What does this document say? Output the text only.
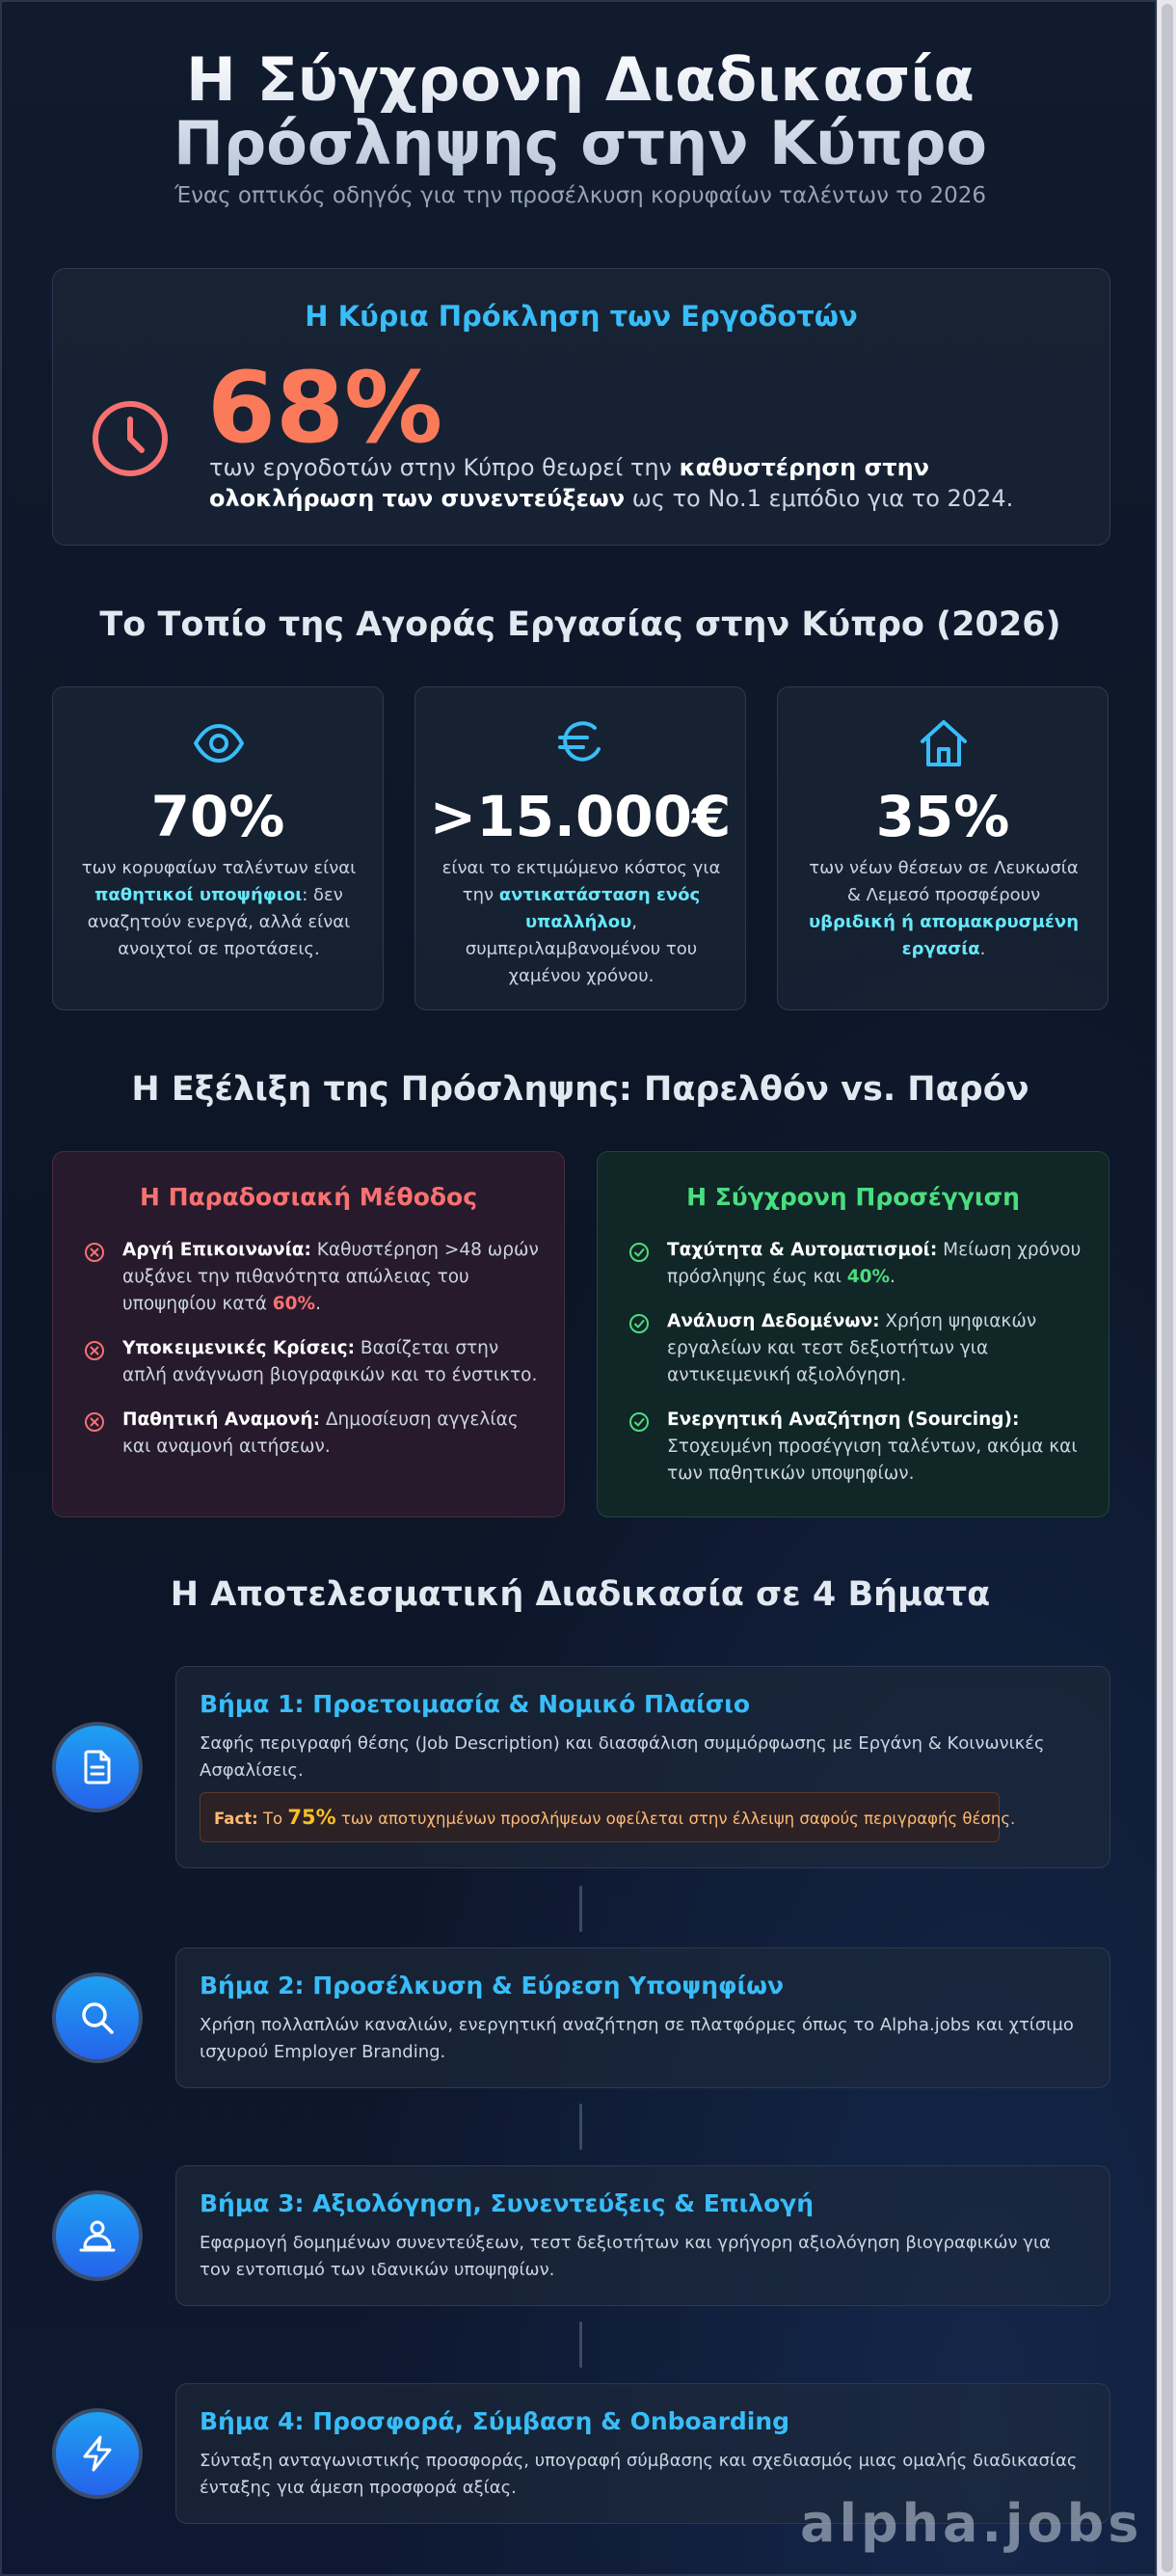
Η Σύγχρονη Διαδικασία
Πρόσληψης στην Κύπρο
Ένας οπτικός οδηγός για την προσέλκυση κορυφαίων ταλέντων το 2026
Η Κύρια Πρόκληση των Εργοδοτών
68%
των εργοδοτών στην Κύπρο θεωρεί την καθυστέρηση στην ολοκλήρωση των συνεντεύξεων ως το Νο.1 εμπόδιο για το 2024.
Το Τοπίο της Αγοράς Εργασίας στην Κύπρο (2026)
70%
των κορυφαίων ταλέντων είναι παθητικοί υποψήφιοι: δεν αναζητούν ενεργά, αλλά είναι ανοιχτοί σε προτάσεις.
>15.000€
είναι το εκτιμώμενο κόστος για την αντικατάσταση ενός υπαλλήλου, συμπεριλαμβανομένου του χαμένου χρόνου.
35%
των νέων θέσεων σε Λευκωσία & Λεμεσό προσφέρουν υβριδική ή απομακρυσμένη εργασία.
Η Εξέλιξη της Πρόσληψης: Παρελθόν vs. Παρόν
Η Παραδοσιακή Μέθοδος
Αργή Επικοινωνία: Καθυστέρηση >48 ωρών αυξάνει την πιθανότητα απώλειας του υποψηφίου κατά 60%.
Υποκειμενικές Κρίσεις: Βασίζεται στην απλή ανάγνωση βιογραφικών και το ένστικτο.
Παθητική Αναμονή: Δημοσίευση αγγελίας και αναμονή αιτήσεων.
Η Σύγχρονη Προσέγγιση
Ταχύτητα & Αυτοματισμοί: Μείωση χρόνου πρόσληψης έως και 40%.
Ανάλυση Δεδομένων: Χρήση ψηφιακών εργαλείων και τεστ δεξιοτήτων για αντικειμενική αξιολόγηση.
Ενεργητική Αναζήτηση (Sourcing): Στοχευμένη προσέγγιση ταλέντων, ακόμα και των παθητικών υποψηφίων.
Η Αποτελεσματική Διαδικασία σε 4 Βήματα
Βήμα 1: Προετοιμασία & Νομικό Πλαίσιο
Σαφής περιγραφή θέσης (Job Description) και διασφάλιση συμμόρφωσης με Εργάνη & Κοινωνικές Ασφαλίσεις.
Fact: Το 75% των αποτυχημένων προσλήψεων οφείλεται στην έλλειψη σαφούς περιγραφής θέσης.
Βήμα 2: Προσέλκυση & Εύρεση Υποψηφίων
Χρήση πολλαπλών καναλιών, ενεργητική αναζήτηση σε πλατφόρμες όπως το Alpha.jobs και χτίσιμο ισχυρού Employer Branding.
Βήμα 3: Αξιολόγηση, Συνεντεύξεις & Επιλογή
Εφαρμογή δομημένων συνεντεύξεων, τεστ δεξιοτήτων και γρήγορη αξιολόγηση βιογραφικών για τον εντοπισμό των ιδανικών υποψηφίων.
Βήμα 4: Προσφορά, Σύμβαση & Onboarding
Σύνταξη ανταγωνιστικής προσφοράς, υπογραφή σύμβασης και σχεδιασμός μιας ομαλής διαδικασίας ένταξης για άμεση προσφορά αξίας.
alpha.jobs
